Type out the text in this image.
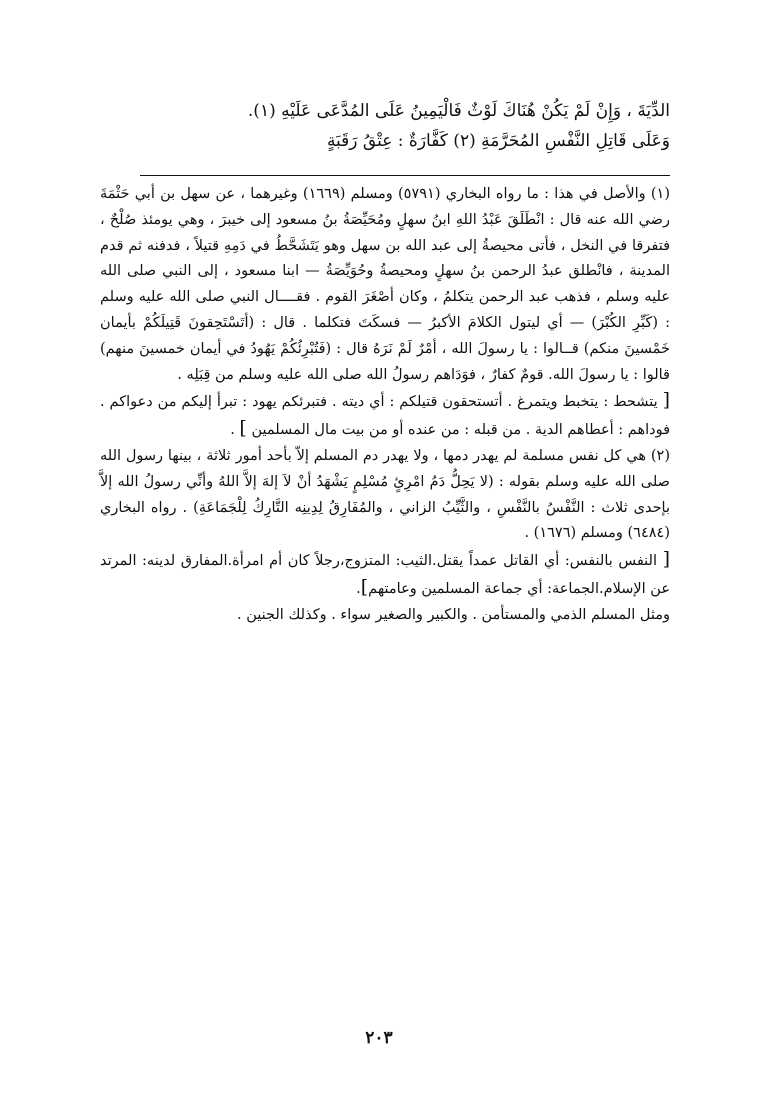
الدِّيَةَ ، وَإِنْ لَمْ يَكُنْ هُنَاكَ لَوْثٌ فَالْيَمِينُ عَلَى المُدَّعَى عَلَيْهِ (١).

وَعَلَى قَاتِلِ النَّفْسِ المُحَرَّمَةِ (٢) كَفَّارَةٌ : عِتْقُ رَقَبَةٍ

(١) والأصل في هذا : ما رواه البخاري (٥٧٩١) ومسلم (١٦٦٩) وغيرهما ، عن سهل بن أبي حَثْمَةَ رضي الله عنه قال : انْطَلَقَ عَبْدُ اللهِ ابنُ سهلٍ ومُحَيِّصَةُ بنُ مسعود إلى خيبرَ ، وهي يومئذ صُلْحٌ ، فتفرقا في النخل ، فأتى محيصةُ إلى عبد الله بن سهل وهو يَتَشَحَّطُ في دَمِهِ قتيلاً ، فدفنه ثم قدم المدينة ، فانْطلق عبدُ الرحمن بنُ سهلٍ ومحيصةُ وحُوَيِّصَةُ — ابنا مسعود ، إلى النبي صلى الله عليه وسلم ، فذهب عبد الرحمن يتكلمُ ، وكان أصْغَرَ القوم . فقــــال النبي صلى الله عليه وسلم : (كَبِّرِ الكُبْرَ) — أي ليتول الكلامَ الأكبرُ — فسكَتَ فتكلما . قال : (أتَسْتَحِقونَ قَتِيلَكُمْ بأيمان خَمْسينَ منكم) قــالوا : يا رسولَ الله ، أمْرٌ لَمْ نَرَهُ قال : (فَتُبْرِئُكُمْ يَهُودُ في أيمان خمسينَ منهم) قالوا : يا رسولَ الله. قومٌ كفارٌ ، فوَدَاهم رسولُ الله صلى الله عليه وسلم من قِبَلِه .

[ يتشحط : يتخبط ويتمرغ . أتستحقون قتيلكم : أي ديته . فتبرئكم يهود : تبرأ إليكم من دعواكم . فوداهم : أعطاهم الدية . من قبله : من عنده أو من بيت مال المسلمين ] .

(٢) هي كل نفس مسلمة لم يهدر دمها ، ولا يهدر دم المسلم إلاّ بأحد أمور ثلاثة ، بينها رسول الله صلى الله عليه وسلم بقوله : (لا يَحِلُّ دَمُ امْرِئٍ مُسْلِمٍ يَشْهَدُ أنْ لاَ إلهَ إلاَّ اللهُ وأنِّي رسولُ الله إلاَّ بإحدى ثلاث : النَّفْسُ بالنَّفْسِ ، والثَّيِّبُ الزاني ، والمُفَارِقُ لِدِينِه التَّارِكُ لِلْجَمَاعَةِ) . رواه البخاري (٦٤٨٤) ومسلم (١٦٧٦) .

[ النفس بالنفس: أي القاتل عمداً يقتل.الثيب: المتزوج،رجلاً كان أم امرأة.المفارق لدينه: المرتد عن الإسلام.الجماعة: أي جماعة المسلمين وعامتهم].

ومثل المسلم الذمي والمستأمن . والكبير والصغير سواء . وكذلك الجنين .

٢٠٣
